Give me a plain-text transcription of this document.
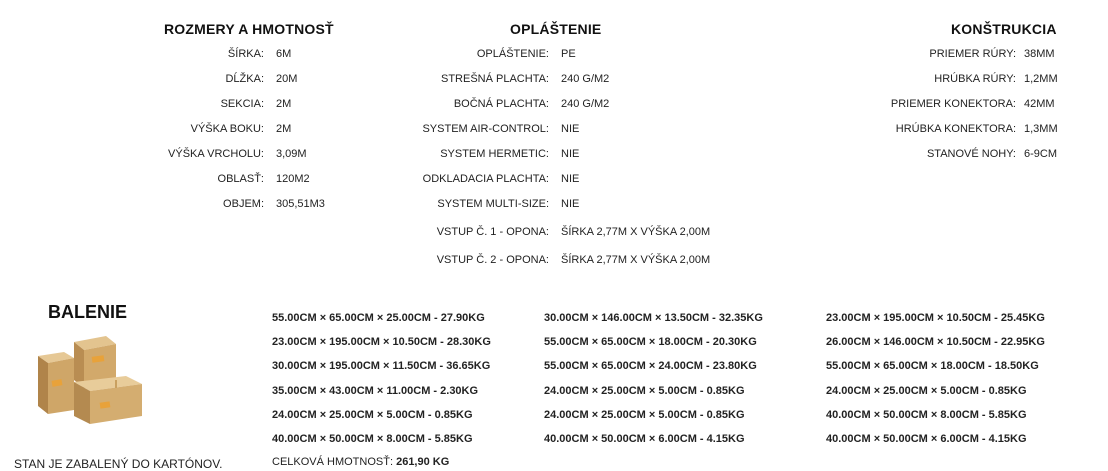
ROZMERY A HMOTNOSŤ
ŠÍRKA: 6M
DĹŽKA: 20M
SEKCIA: 2M
VÝŠKA BOKU: 2M
VÝŠKA VRCHOLU: 3,09M
OBLASŤ: 120M2
OBJEM: 305,51M3
OPLÁŠTENIE
OPLÁŠTENIE: PE
STREŠNÁ PLACHTA: 240 G/M2
BOČNÁ PLACHTA: 240 G/M2
SYSTEM AIR-CONTROL: NIE
SYSTEM HERMETIC: NIE
ODKLADACIA PLACHTA: NIE
SYSTEM MULTI-SIZE: NIE
VSTUP Č. 1 - OPONA: ŠÍRKA 2,77M X VÝŠKA 2,00M
VSTUP Č. 2 - OPONA: ŠÍRKA 2,77M X VÝŠKA 2,00M
KONŠTRUKCIA
PRIEMER RÚRY: 38MM
HRÚBKA RÚRY: 1,2MM
PRIEMER KONEKTORA: 42MM
HRÚBKA KONEKTORA: 1,3MM
STANOVÉ NOHY: 6-9CM
BALENIE
STAN JE ZABALENÝ DO KARTÓNOV.
55.00CM × 65.00CM × 25.00CM - 27.90KG
23.00CM × 195.00CM × 10.50CM - 28.30KG
30.00CM × 195.00CM × 11.50CM - 36.65KG
35.00CM × 43.00CM × 11.00CM - 2.30KG
24.00CM × 25.00CM × 5.00CM - 0.85KG
40.00CM × 50.00CM × 8.00CM - 5.85KG
30.00CM × 146.00CM × 13.50CM - 32.35KG
55.00CM × 65.00CM × 18.00CM - 20.30KG
55.00CM × 65.00CM × 24.00CM - 23.80KG
24.00CM × 25.00CM × 5.00CM - 0.85KG
24.00CM × 25.00CM × 5.00CM - 0.85KG
40.00CM × 50.00CM × 6.00CM - 4.15KG
23.00CM × 195.00CM × 10.50CM - 25.45KG
26.00CM × 146.00CM × 10.50CM - 22.95KG
55.00CM × 65.00CM × 18.00CM - 18.50KG
24.00CM × 25.00CM × 5.00CM - 0.85KG
40.00CM × 50.00CM × 8.00CM - 5.85KG
40.00CM × 50.00CM × 6.00CM - 4.15KG
CELKOVÁ HMOTNOSŤ: 261,90 KG
